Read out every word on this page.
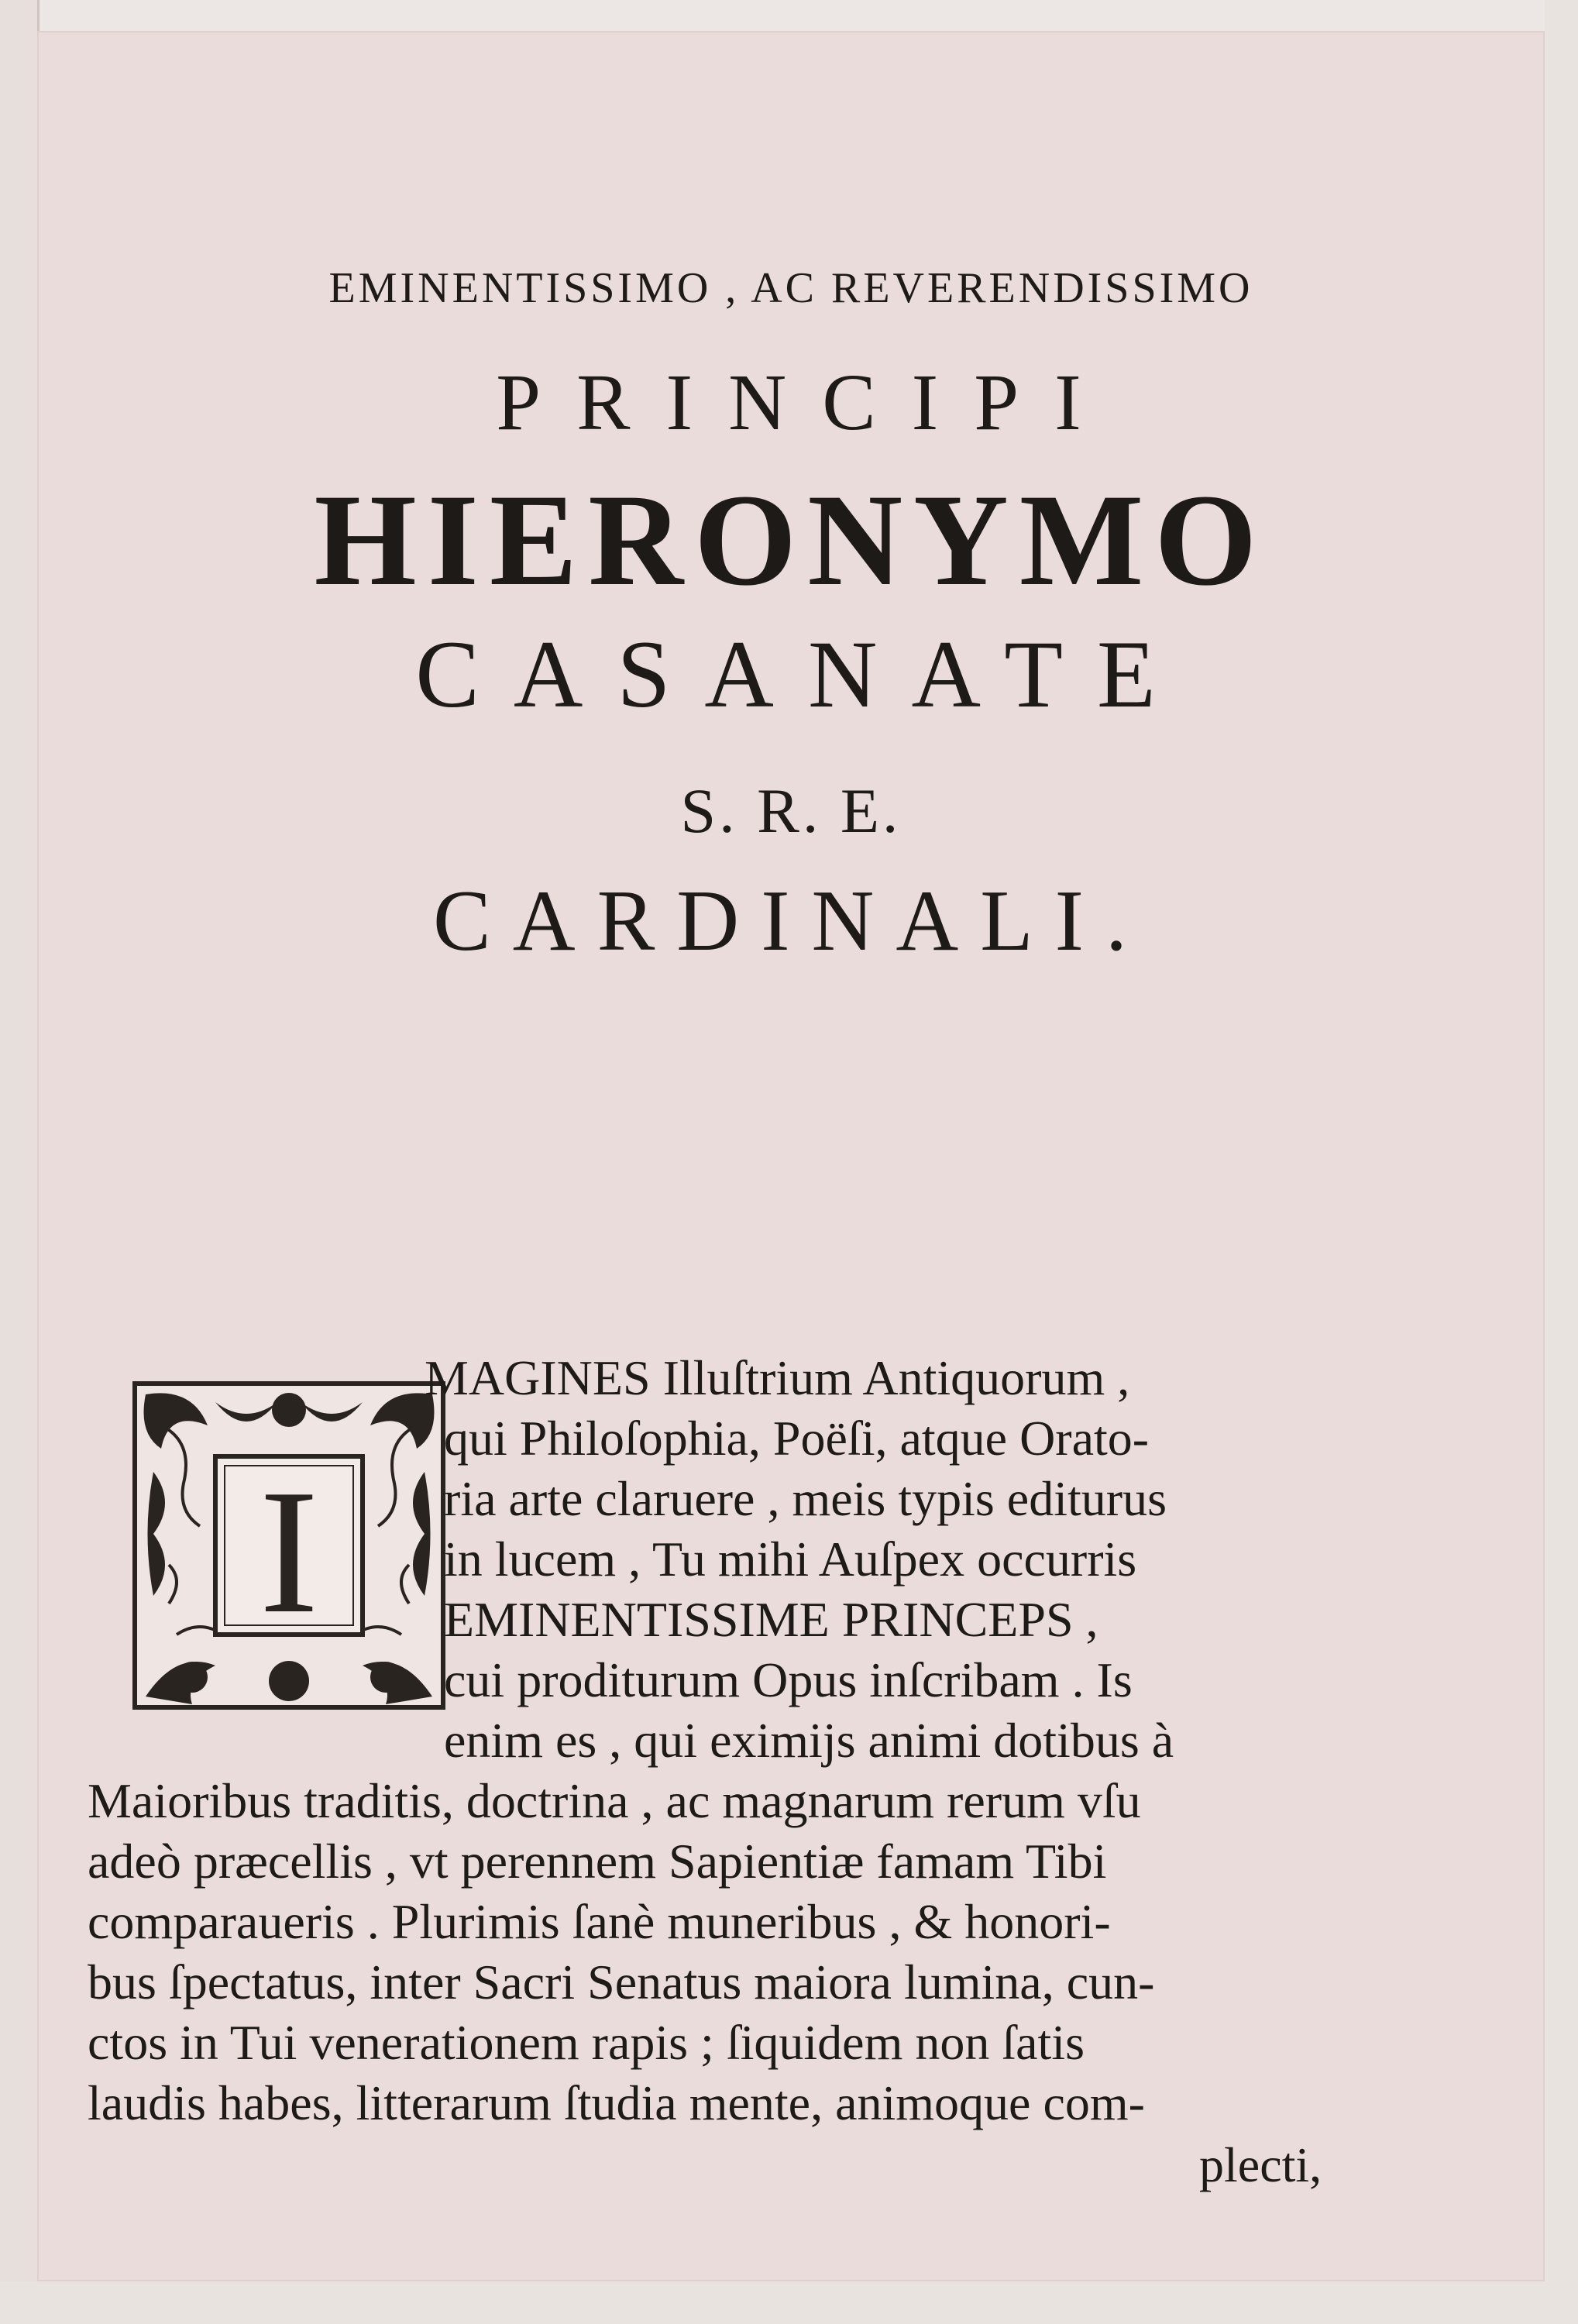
EMINENTISSIMO , AC REVERENDISSIMO
PRINCIPI
HIERONYMO
CASANATE
S. R. E.
CARDINALI.
I
MAGINES Illuſtrium Antiquorum ,
qui Philoſophia, Poëſi, atque Orato-
ria arte claruere , meis typis editurus
in lucem , Tu mihi Auſpex occurris
EMINENTISSIME PRINCEPS ,
cui proditurum Opus inſcribam . Is
enim es , qui eximijs animi dotibus à
Maioribus traditis, doctrina , ac magnarum rerum vſu
adeò præcellis , vt perennem Sapientiæ famam Tibi
comparaueris . Plurimis ſanè muneribus , & honori-
bus ſpectatus, inter Sacri Senatus maiora lumina, cun-
ctos in Tui venerationem rapis ; ſiquidem non ſatis
laudis habes, litterarum ſtudia mente, animoque com-
plecti,
